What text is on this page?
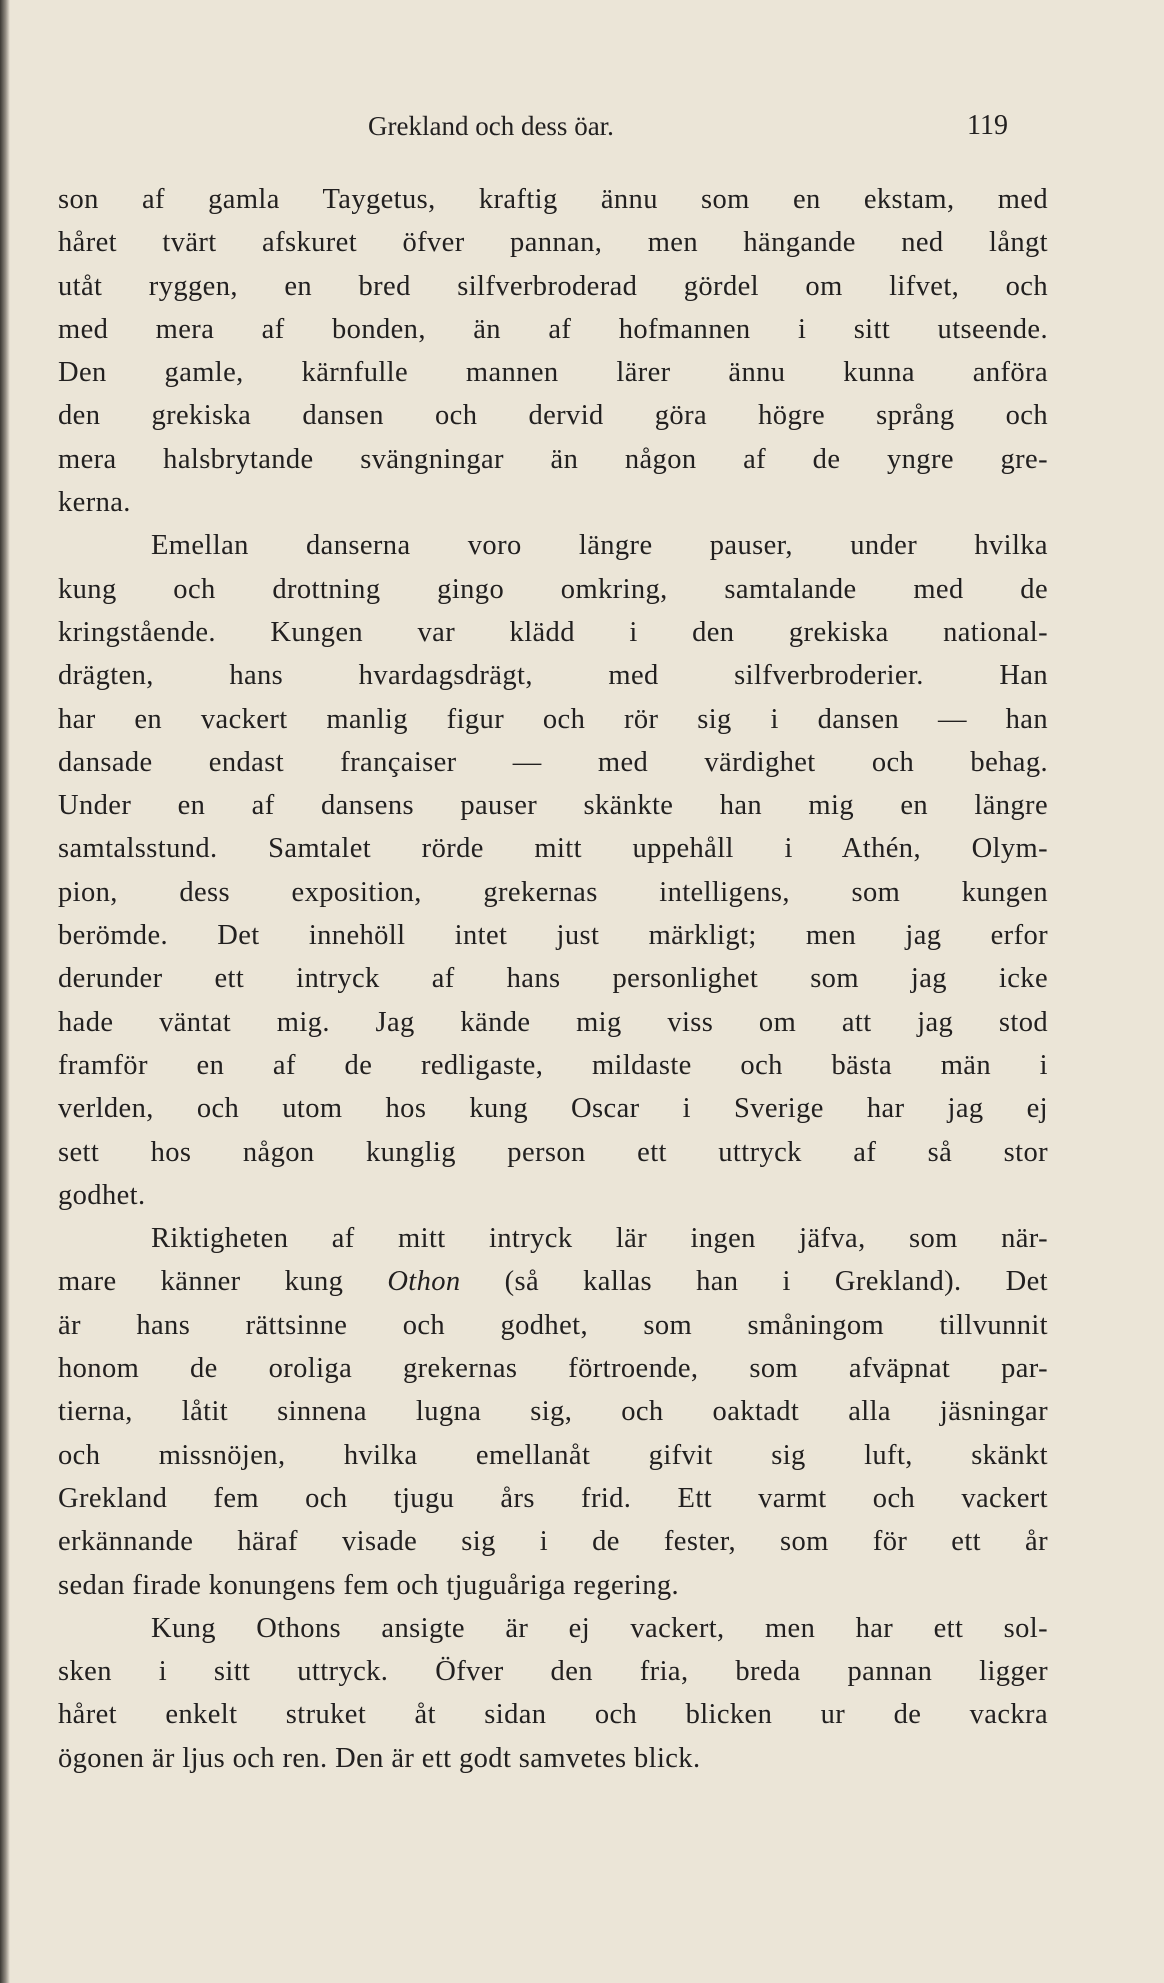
Grekland och dess öar.	119
son af gamla Taygetus, kraftig ännu som en ekstam, med
håret tvärt afskuret öfver pannan, men hängande ned långt
utåt ryggen, en bred silfverbroderad gördel om lifvet, och
med mera af bonden, än af hofmannen i sitt utseende.
Den gamle, kärnfulle mannen lärer ännu kunna anföra
den grekiska dansen och dervid göra högre språng och
mera halsbrytande svängningar än någon af de yngre gre-
kerna.
Emellan danserna voro längre pauser, under hvilka
kung och drottning gingo omkring, samtalande med de
kringstående. Kungen var klädd i den grekiska national-
drägten, hans hvardagsdrägt, med silfverbroderier. Han
har en vackert manlig figur och rör sig i dansen — han
dansade endast françaiser — med värdighet och behag.
Under en af dansens pauser skänkte han mig en längre
samtalsstund. Samtalet rörde mitt uppehåll i Athén, Olym-
pion, dess exposition, grekernas intelligens, som kungen
berömde. Det innehöll intet just märkligt; men jag erfor
derunder ett intryck af hans personlighet som jag icke
hade väntat mig. Jag kände mig viss om att jag stod
framför en af de redligaste, mildaste och bästa män i
verlden, och utom hos kung Oscar i Sverige har jag ej
sett hos någon kunglig person ett uttryck af så stor
godhet.
Riktigheten af mitt intryck lär ingen jäfva, som när-
mare känner kung Othon (så kallas han i Grekland). Det
är hans rättsinne och godhet, som småningom tillvunnit
honom de oroliga grekernas förtroende, som afväpnat par-
tierna, låtit sinnena lugna sig, och oaktadt alla jäsningar
och missnöjen, hvilka emellanåt gifvit sig luft, skänkt
Grekland fem och tjugu års frid. Ett varmt och vackert
erkännande häraf visade sig i de fester, som för ett år
sedan firade konungens fem och tjuguåriga regering.
Kung Othons ansigte är ej vackert, men har ett sol-
sken i sitt uttryck. Öfver den fria, breda pannan ligger
håret enkelt struket åt sidan och blicken ur de vackra
ögonen är ljus och ren. Den är ett godt samvetes blick.
